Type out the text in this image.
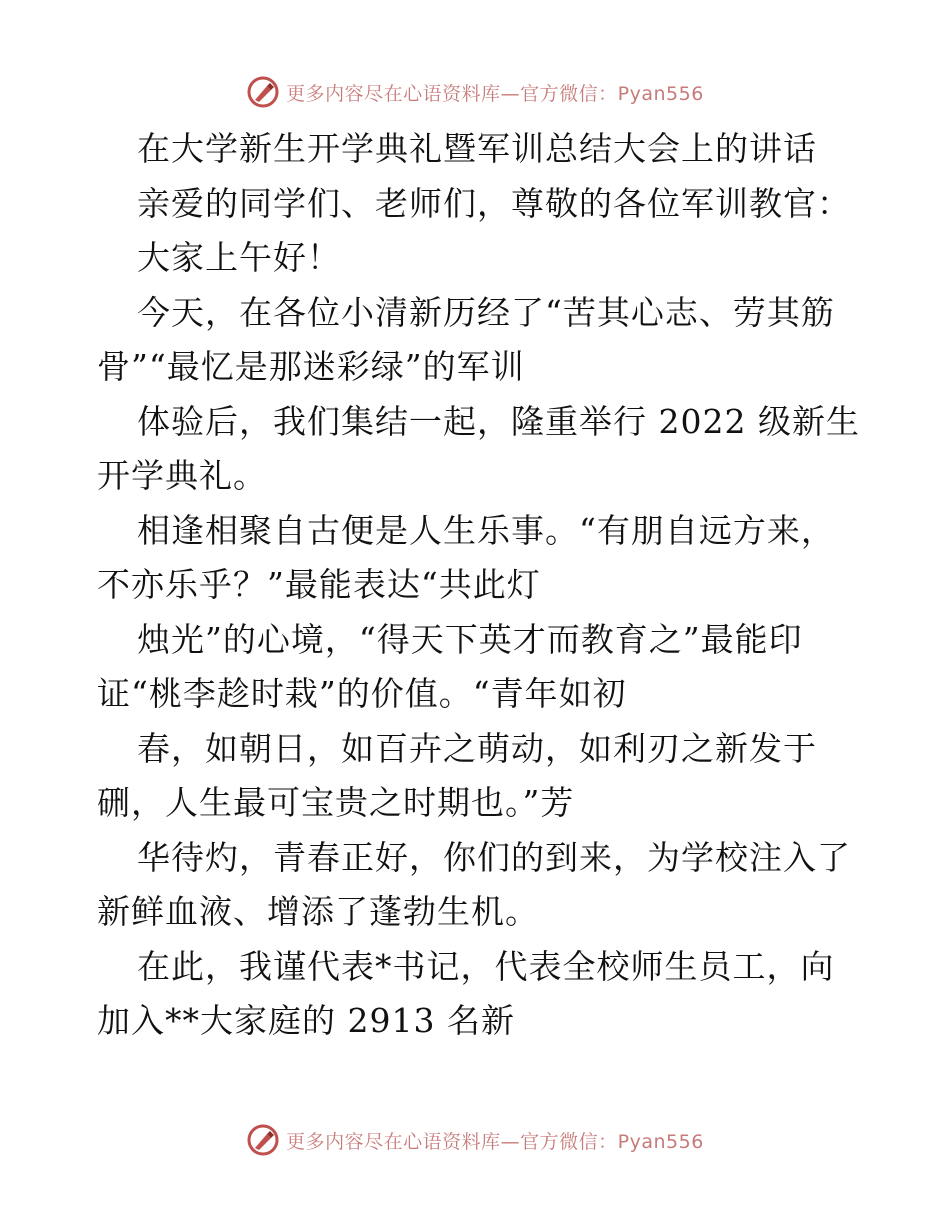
更多内容尽在心语资料库—官方微信：Pyan556
在大学新生开学典礼暨军训总结大会上的讲话
亲爱的同学们、老师们，尊敬的各位军训教官：
大家上午好！
今天，在各位小清新历经了“苦其心志、劳其筋
骨”“最忆是那迷彩绿”的军训
体验后，我们集结一起，隆重举行 2022 级新生
开学典礼。
相逢相聚自古便是人生乐事。“有朋自远方来，
不亦乐乎？”最能表达“共此灯
烛光”的心境，“得天下英才而教育之”最能印
证“桃李趁时栽”的价值。“青年如初
春，如朝日，如百卉之萌动，如利刃之新发于
硎，人生最可宝贵之时期也。”芳
华待灼，青春正好，你们的到来，为学校注入了
新鲜血液、增添了蓬勃生机。
在此，我谨代表*书记，代表全校师生员工，向
加入**大家庭的 2913 名新
更多内容尽在心语资料库—官方微信：Pyan556
